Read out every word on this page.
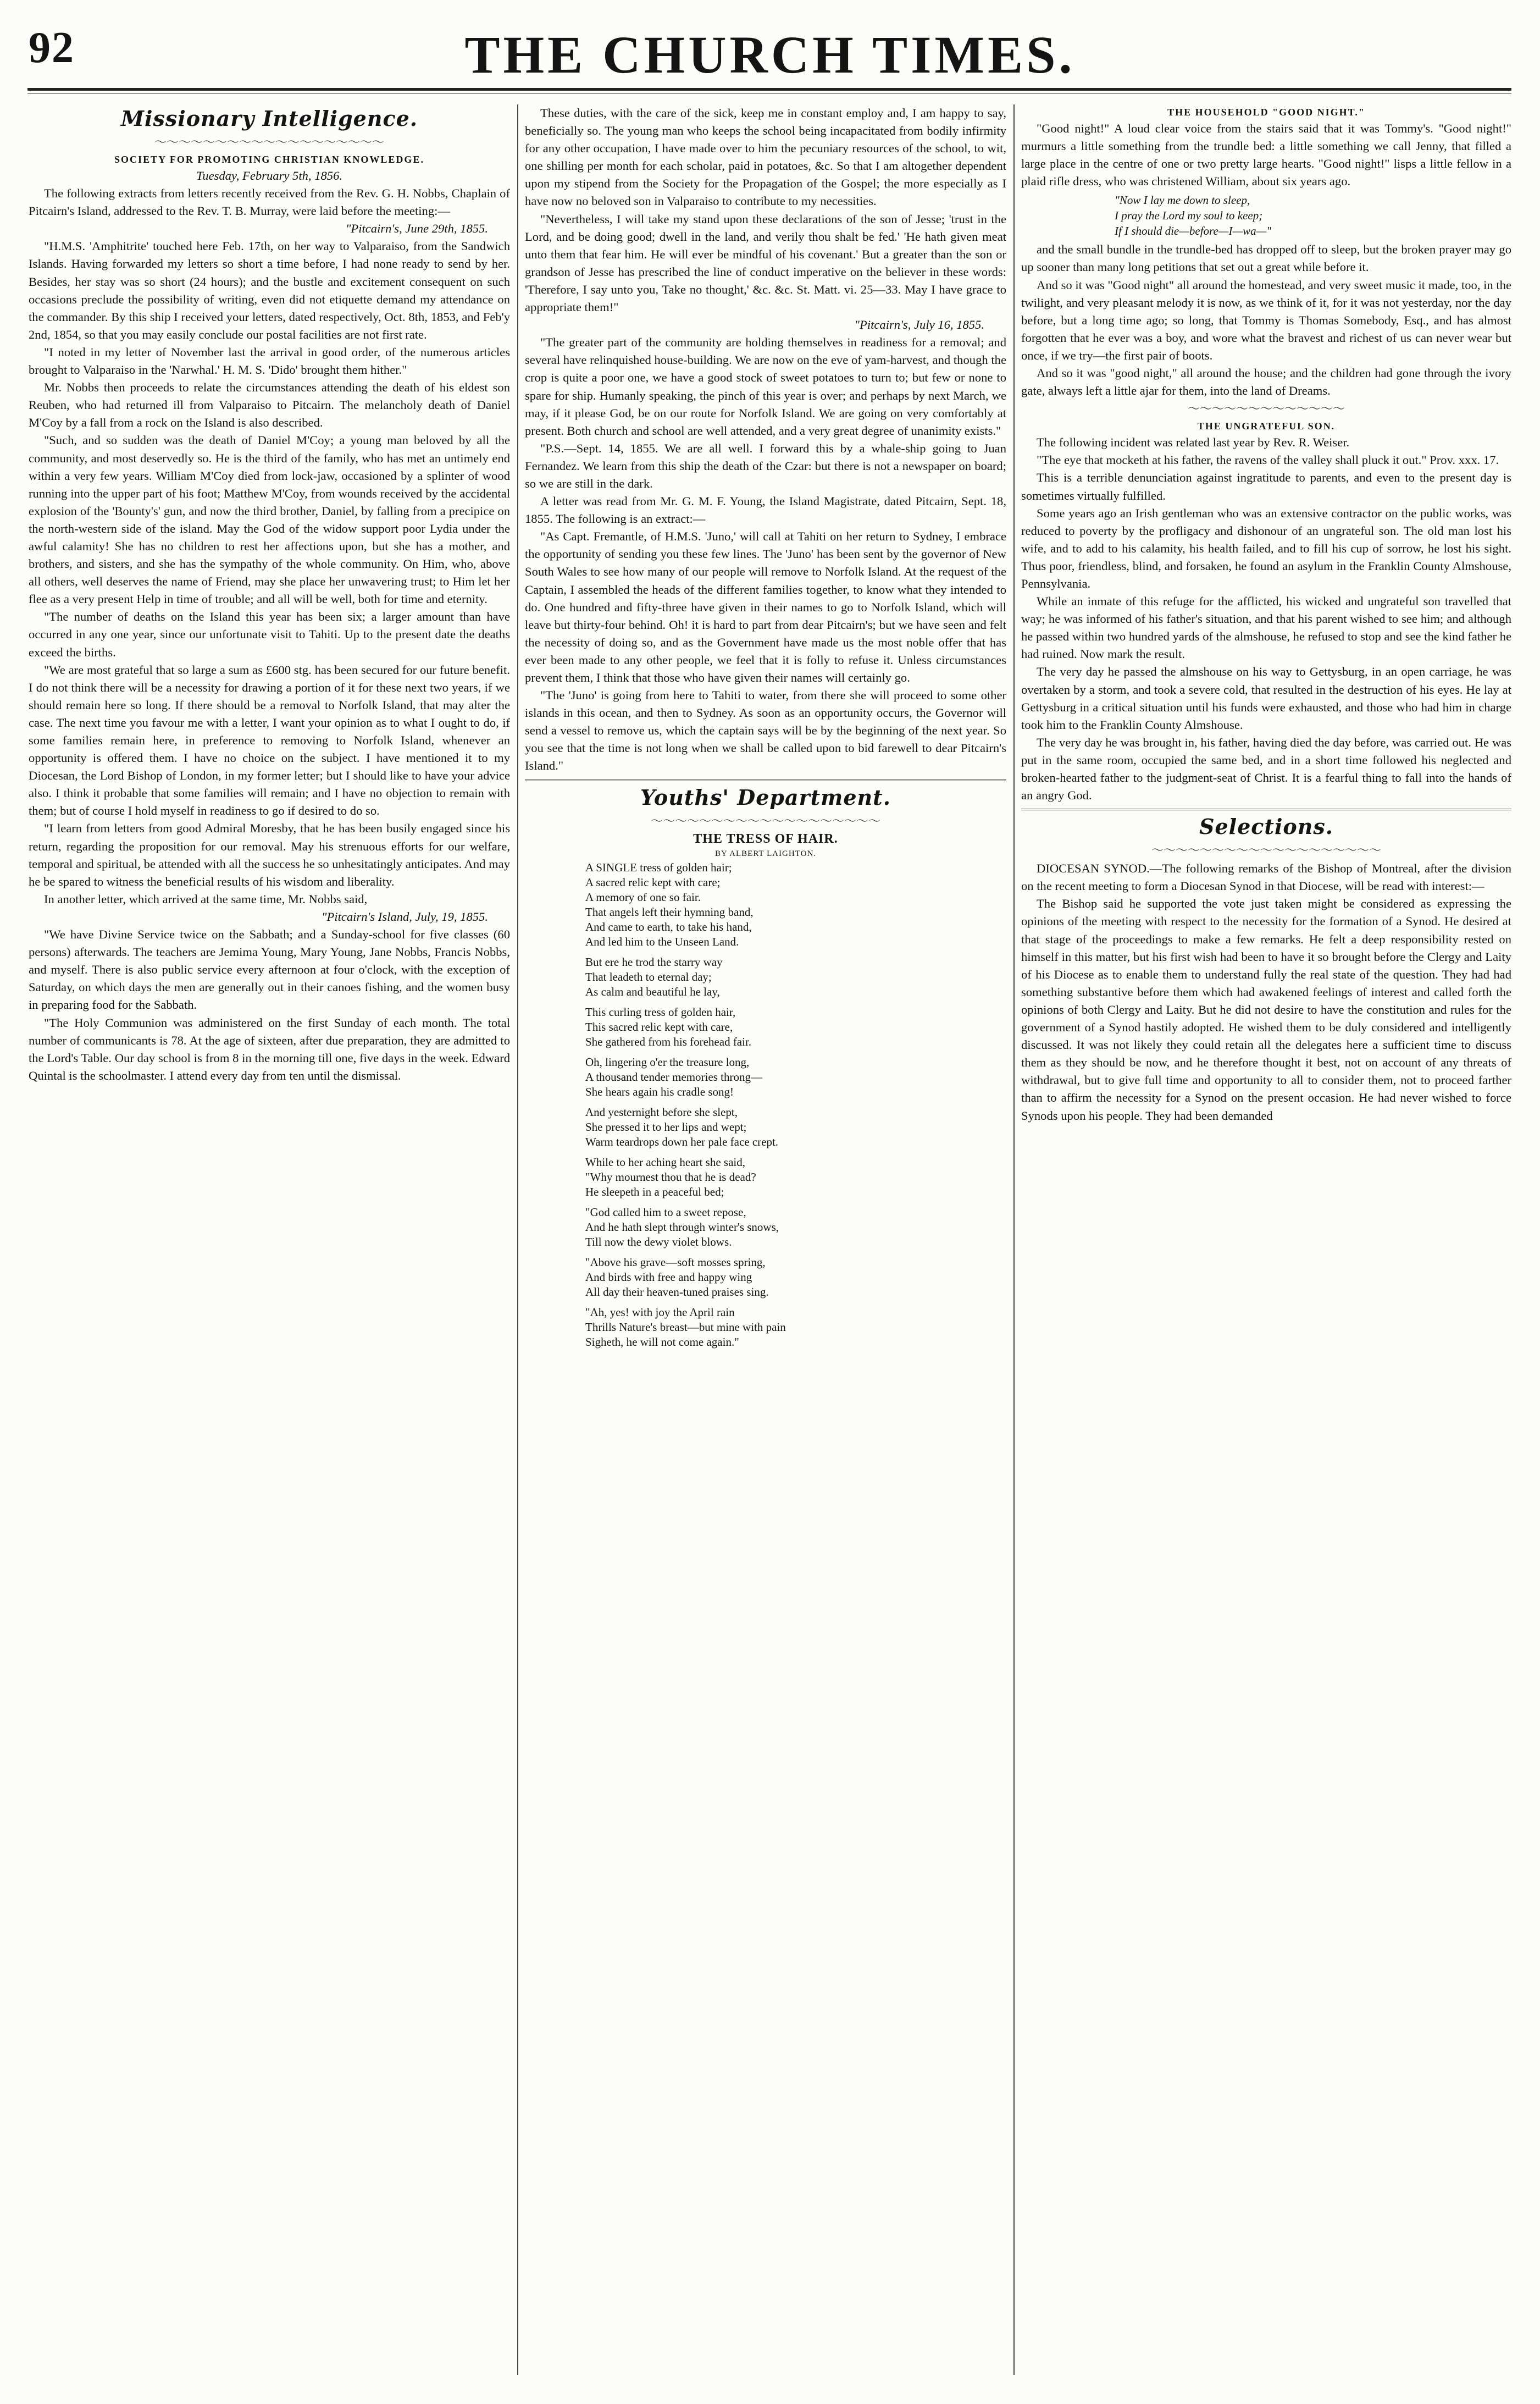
92	THE CHURCH TIMES.
Missionary Intelligence.
～～～～～～～～～～～～～～～～～～～
SOCIETY FOR PROMOTING CHRISTIAN KNOWLEDGE.

Tuesday, February 5th, 1856.

The following extracts from letters recently received from the Rev. G. H. Nobbs, Chaplain of Pitcairn's Island, addressed to the Rev. T. B. Murray, were laid before the meeting:—

"Pitcairn's, June 29th, 1855.

"H.M.S. 'Amphitrite' touched here Feb. 17th, on her way to Valparaiso, from the Sandwich Islands. Having forwarded my letters so short a time before, I had none ready to send by her. Besides, her stay was so short (24 hours); and the bustle and excitement consequent on such occasions preclude the possibility of writing, even did not etiquette demand my attendance on the commander. By this ship I received your letters, dated respectively, Oct. 8th, 1853, and Feb'y 2nd, 1854, so that you may easily conclude our postal facilities are not first rate.

"I noted in my letter of November last the arrival in good order, of the numerous articles brought to Valparaiso in the 'Narwhal.' H. M. S. 'Dido' brought them hither."

Mr. Nobbs then proceeds to relate the circumstances attending the death of his eldest son Reuben, who had returned ill from Valparaiso to Pitcairn. The melancholy death of Daniel M'Coy by a fall from a rock on the Island is also described.

"Such, and so sudden was the death of Daniel M'Coy; a young man beloved by all the community, and most deservedly so. He is the third of the family, who has met an untimely end within a very few years. William M'Coy died from lock-jaw, occasioned by a splinter of wood running into the upper part of his foot; Matthew M'Coy, from wounds received by the accidental explosion of the 'Bounty's' gun, and now the third brother, Daniel, by falling from a precipice on the north-western side of the island. May the God of the widow support poor Lydia under the awful calamity! She has no children to rest her affections upon, but she has a mother, and brothers, and sisters, and she has the sympathy of the whole community. On Him, who, above all others, well deserves the name of Friend, may she place her unwavering trust; to Him let her flee as a very present Help in time of trouble; and all will be well, both for time and eternity.

"The number of deaths on the Island this year has been six; a larger amount than have occurred in any one year, since our unfortunate visit to Tahiti. Up to the present date the deaths exceed the births.

"We are most grateful that so large a sum as £600 stg. has been secured for our future benefit. I do not think there will be a necessity for drawing a portion of it for these next two years, if we should remain here so long. If there should be a removal to Norfolk Island, that may alter the case. The next time you favour me with a letter, I want your opinion as to what I ought to do, if some families remain here, in preference to removing to Norfolk Island, whenever an opportunity is offered them. I have no choice on the subject. I have mentioned it to my Diocesan, the Lord Bishop of London, in my former letter; but I should like to have your advice also. I think it probable that some families will remain; and I have no objection to remain with them; but of course I hold myself in readiness to go if desired to do so.

"I learn from letters from good Admiral Moresby, that he has been busily engaged since his return, regarding the proposition for our removal. May his strenuous efforts for our welfare, temporal and spiritual, be attended with all the success he so unhesitatingly anticipates. And may he be spared to witness the beneficial results of his wisdom and liberality.

In another letter, which arrived at the same time, Mr. Nobbs said,

"Pitcairn's Island, July, 19, 1855.

"We have Divine Service twice on the Sabbath; and a Sunday-school for five classes (60 persons) afterwards. The teachers are Jemima Young, Mary Young, Jane Nobbs, Francis Nobbs, and myself. There is also public service every afternoon at four o'clock, with the exception of Saturday, on which days the men are generally out in their canoes fishing, and the women busy in preparing food for the Sabbath.

"The Holy Communion was administered on the first Sunday of each month. The total number of communicants is 78. At the age of sixteen, after due preparation, they are admitted to the Lord's Table. Our day school is from 8 in the morning till one, five days in the week. Edward Quintal is the schoolmaster. I attend every day from ten until the dismissal.

These duties, with the care of the sick, keep me in constant employ and, I am happy to say, beneficially so. The young man who keeps the school being incapacitated from bodily infirmity for any other occupation, I have made over to him the pecuniary resources of the school, to wit, one shilling per month for each scholar, paid in potatoes, &c. So that I am altogether dependent upon my stipend from the Society for the Propagation of the Gospel; the more especially as I have now no beloved son in Valparaiso to contribute to my necessities.

"Nevertheless, I will take my stand upon these declarations of the son of Jesse; 'trust in the Lord, and be doing good; dwell in the land, and verily thou shalt be fed.' 'He hath given meat unto them that fear him. He will ever be mindful of his covenant.' But a greater than the son or grandson of Jesse has prescribed the line of conduct imperative on the believer in these words: 'Therefore, I say unto you, Take no thought,' &c. &c. St. Matt. vi. 25—33. May I have grace to appropriate them!"

"Pitcairn's, July 16, 1855.

"The greater part of the community are holding themselves in readiness for a removal; and several have relinquished house-building. We are now on the eve of yam-harvest, and though the crop is quite a poor one, we have a good stock of sweet potatoes to turn to; but few or none to spare for ship. Humanly speaking, the pinch of this year is over; and perhaps by next March, we may, if it please God, be on our route for Norfolk Island. We are going on very comfortably at present. Both church and school are well attended, and a very great degree of unanimity exists."

"P.S.—Sept. 14, 1855. We are all well. I forward this by a whale-ship going to Juan Fernandez. We learn from this ship the death of the Czar: but there is not a newspaper on board; so we are still in the dark.

A letter was read from Mr. G. M. F. Young, the Island Magistrate, dated Pitcairn, Sept. 18, 1855. The following is an extract:—

"As Capt. Fremantle, of H.M.S. 'Juno,' will call at Tahiti on her return to Sydney, I embrace the opportunity of sending you these few lines. The 'Juno' has been sent by the governor of New South Wales to see how many of our people will remove to Norfolk Island. At the request of the Captain, I assembled the heads of the different families together, to know what they intended to do. One hundred and fifty-three have given in their names to go to Norfolk Island, which will leave but thirty-four behind. Oh! it is hard to part from dear Pitcairn's; but we have seen and felt the necessity of doing so, and as the Government have made us the most noble offer that has ever been made to any other people, we feel that it is folly to refuse it. Unless circumstances prevent them, I think that those who have given their names will certainly go.

"The 'Juno' is going from here to Tahiti to water, from there she will proceed to some other islands in this ocean, and then to Sydney. As soon as an opportunity occurs, the Governor will send a vessel to remove us, which the captain says will be by the beginning of the next year. So you see that the time is not long when we shall be called upon to bid farewell to dear Pitcairn's Island."

Youths' Department.
～～～～～～～～～～～～～～～～～～～
THE TRESS OF HAIR.
BY ALBERT LAIGHTON.
A SINGLE tress of golden hair;
A sacred relic kept with care;
A memory of one so fair.
That angels left their hymning band,
And came to earth, to take his hand,
And led him to the Unseen Land.
But ere he trod the starry way
That leadeth to eternal day;
As calm and beautiful he lay,
This curling tress of golden hair,
This sacred relic kept with care,
She gathered from his forehead fair.
Oh, lingering o'er the treasure long,
A thousand tender memories throng—
She hears again his cradle song!
And yesternight before she slept,
She pressed it to her lips and wept;
Warm teardrops down her pale face crept.
While to her aching heart she said,
"Why mournest thou that he is dead?
He sleepeth in a peaceful bed;
"God called him to a sweet repose,
And he hath slept through winter's snows,
Till now the dewy violet blows.
"Above his grave—soft mosses spring,
And birds with free and happy wing
All day their heaven-tuned praises sing.
"Ah, yes! with joy the April rain
Thrills Nature's breast—but mine with pain
Sigheth, he will not come again."
THE HOUSEHOLD "GOOD NIGHT."

"Good night!" A loud clear voice from the stairs said that it was Tommy's. "Good night!" murmurs a little something from the trundle bed: a little something we call Jenny, that filled a large place in the centre of one or two pretty large hearts. "Good night!" lisps a little fellow in a plaid rifle dress, who was christened William, about six years ago.

"Now I lay me down to sleep,
I pray the Lord my soul to keep;
If I should die—before—I—wa—"

and the small bundle in the trundle-bed has dropped off to sleep, but the broken prayer may go up sooner than many long petitions that set out a great while before it.

And so it was "Good night" all around the homestead, and very sweet music it made, too, in the twilight, and very pleasant melody it is now, as we think of it, for it was not yesterday, nor the day before, but a long time ago; so long, that Tommy is Thomas Somebody, Esq., and has almost forgotten that he ever was a boy, and wore what the bravest and richest of us can never wear but once, if we try—the first pair of boots.

And so it was "good night," all around the house; and the children had gone through the ivory gate, always left a little ajar for them, into the land of Dreams.

～～～～～～～～～～～～～
THE UNGRATEFUL SON.

The following incident was related last year by Rev. R. Weiser.

"The eye that mocketh at his father, the ravens of the valley shall pluck it out." Prov. xxx. 17.

This is a terrible denunciation against ingratitude to parents, and even to the present day is sometimes virtually fulfilled.

Some years ago an Irish gentleman who was an extensive contractor on the public works, was reduced to poverty by the profligacy and dishonour of an ungrateful son. The old man lost his wife, and to add to his calamity, his health failed, and to fill his cup of sorrow, he lost his sight. Thus poor, friendless, blind, and forsaken, he found an asylum in the Franklin County Almshouse, Pennsylvania.

While an inmate of this refuge for the afflicted, his wicked and ungrateful son travelled that way; he was informed of his father's situation, and that his parent wished to see him; and although he passed within two hundred yards of the almshouse, he refused to stop and see the kind father he had ruined. Now mark the result.

The very day he passed the almshouse on his way to Gettysburg, in an open carriage, he was overtaken by a storm, and took a severe cold, that resulted in the destruction of his eyes. He lay at Gettysburg in a critical situation until his funds were exhausted, and those who had him in charge took him to the Franklin County Almshouse.

The very day he was brought in, his father, having died the day before, was carried out. He was put in the same room, occupied the same bed, and in a short time followed his neglected and broken-hearted father to the judgment-seat of Christ. It is a fearful thing to fall into the hands of an angry God.

Selections.
～～～～～～～～～～～～～～～～～～～

DIOCESAN SYNOD.—The following remarks of the Bishop of Montreal, after the division on the recent meeting to form a Diocesan Synod in that Diocese, will be read with interest:—

The Bishop said he supported the vote just taken might be considered as expressing the opinions of the meeting with respect to the necessity for the formation of a Synod. He desired at that stage of the proceedings to make a few remarks. He felt a deep responsibility rested on himself in this matter, but his first wish had been to have it so brought before the Clergy and Laity of his Diocese as to enable them to understand fully the real state of the question. They had had something substantive before them which had awakened feelings of interest and called forth the opinions of both Clergy and Laity. But he did not desire to have the constitution and rules for the government of a Synod hastily adopted. He wished them to be duly considered and intelligently discussed. It was not likely they could retain all the delegates here a sufficient time to discuss them as they should be now, and he therefore thought it best, not on account of any threats of withdrawal, but to give full time and opportunity to all to consider them, not to proceed farther than to affirm the necessity for a Synod on the present occasion. He had never wished to force Synods upon his people. They had been demanded
